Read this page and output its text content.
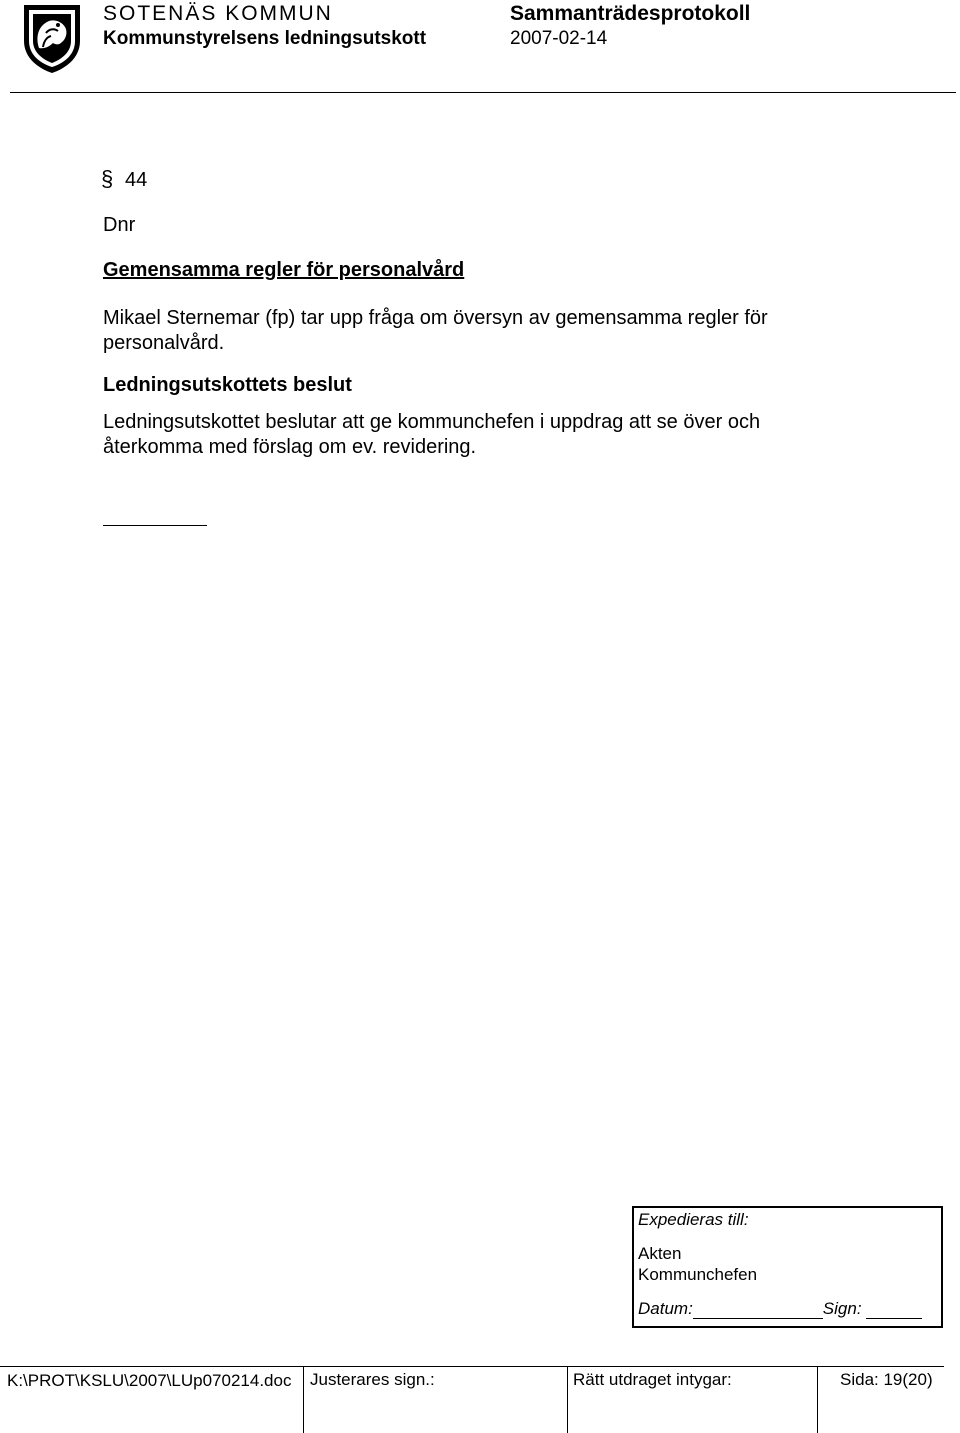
SOTENÄS KOMMUN
Kommunstyrelsens ledningsutskott
Sammanträdesprotokoll
2007-02-14
§ 44
Dnr
Gemensamma regler för personalvård
Mikael Sternemar (fp) tar upp fråga om översyn av gemensamma regler för personalvård.
Ledningsutskottets beslut
Ledningsutskottet beslutar att ge kommunchefen i uppdrag att se över och återkomma med förslag om ev. revidering.
Expedieras till:
Akten
Kommunchefen
Datum:	Sign:
K:\PROT\KSLU\2007\LUp070214.doc	Justerares sign.:	Rätt utdraget intygar:	Sida: 19(20)
